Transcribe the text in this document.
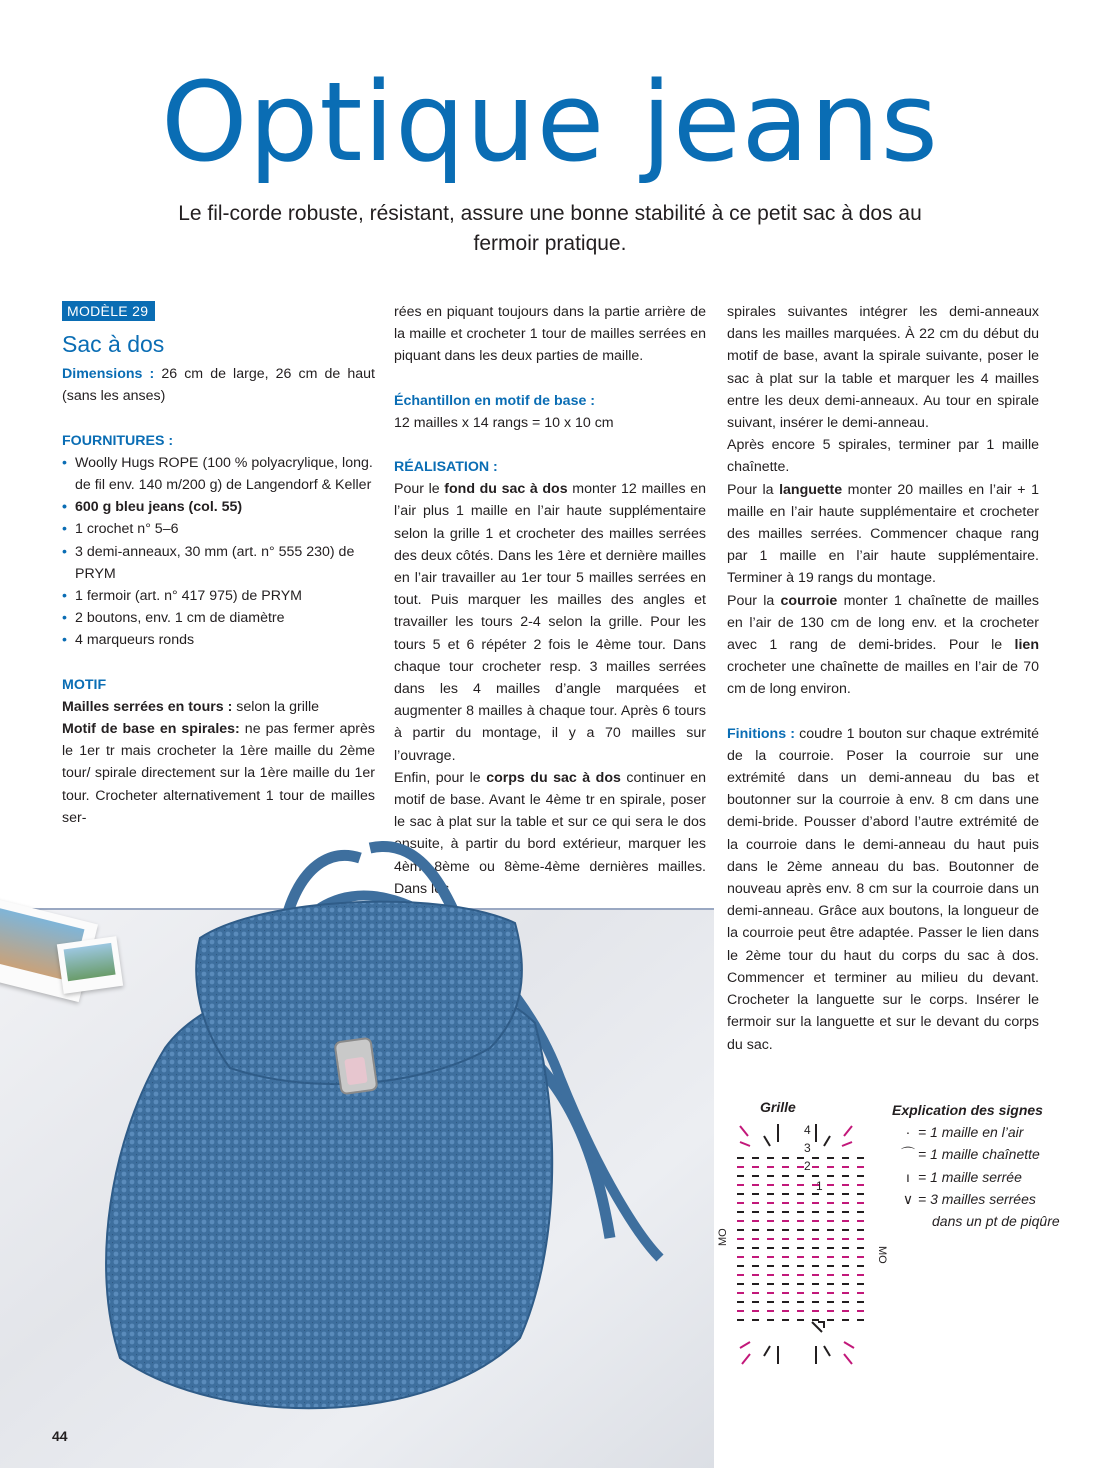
Optique jeans
Le fil-corde robuste, résistant, assure une bonne stabilité à ce petit sac à dos au fermoir pratique.
MODÈLE 29
Sac à dos

Dimensions : 26 cm de large, 26 cm de haut (sans les anses)

FOURNITURES :
• Woolly Hugs ROPE (100 % polyacrylique, long. de fil env. 140 m/200 g) de Langendorf & Keller
• 600 g bleu jeans (col. 55)
• 1 crochet n° 5–6
• 3 demi-anneaux, 30 mm (art. n° 555 230) de PRYM
• 1 fermoir (art. n° 417 975) de PRYM
• 2 boutons, env. 1 cm de diamètre
• 4 marqueurs ronds
MOTIF

Mailles serrées en tours : selon la grille

Motif de base en spirales: ne pas fermer après le 1er tr mais crocheter la 1ère maille du 2ème tour/ spirale directement sur la 1ère maille du 1er tour. Crocheter alternativement 1 tour de mailles ser-

rées en piquant toujours dans la partie arrière de la maille et crocheter 1 tour de mailles serrées en piquant dans les deux parties de maille.

Échantillon en motif de base :

12 mailles x 14 rangs = 10 x 10 cm

RÉALISATION :

Pour le fond du sac à dos monter 12 mailles en l’air plus 1 maille en l’air haute supplémentaire selon la grille 1 et crocheter des mailles serrées des deux côtés. Dans les 1ère et dernière mailles en l’air travailler au 1er tour 5 mailles serrées en tout. Puis marquer les mailles des angles et travailler les tours 2-4 selon la grille. Pour les tours 5 et 6 répéter 2 fois le 4ème tour. Dans chaque tour crocheter resp. 3 mailles serrées dans les 4 mailles d’angle marquées et augmenter 8 mailles à chaque tour. Après 6 tours à partir du montage, il y a 70 mailles sur l’ouvrage.

Enfin, pour le corps du sac à dos continuer en motif de base. Avant le 4ème tr en spirale, poser le sac à plat sur la table et sur ce qui sera le dos ensuite, à partir du bord extérieur, marquer les 4ème-8ème ou 8ème-4ème dernières mailles. Dans les

spirales suivantes intégrer les demi-anneaux dans les mailles marquées. À 22 cm du début du motif de base, avant la spirale suivante, poser le sac à plat sur la table et marquer les 4 mailles entre les deux demi-anneaux. Au tour en spirale suivant, insérer le demi-anneau.

Après encore 5 spirales, terminer par 1 maille chaînette.

Pour la languette monter 20 mailles en l’air + 1 maille en l’air haute supplémentaire et crocheter des mailles serrées. Commencer chaque rang par 1 maille en l’air haute supplémentaire. Terminer à 19 rangs du montage.

Pour la courroie monter 1 chaînette de mailles en l’air de 130 cm de long env. et la crocheter avec 1 rang de demi-brides. Pour le lien crocheter une chaînette de mailles en l’air de 70 cm de long environ.

Finitions : coudre 1 bouton sur chaque extrémité de la courroie. Poser la courroie sur une extrémité dans un demi-anneau du bas et boutonner sur la courroie à env. 8 cm dans une demi-bride. Pousser d’abord l’autre extrémité de la courroie dans le demi-anneau du haut puis dans le 2ème anneau du bas. Boutonner de nouveau après env. 8 cm sur la courroie dans un demi-anneau. Grâce aux boutons, la longueur de la courroie peut être adaptée. Passer le lien dans le 2ème tour du haut du corps du sac à dos. Commencer et terminer au milieu du devant. Crocheter la languette sur le corps. Insérer le fermoir sur la languette et sur le devant du corps du sac.

Grille
4
3
2
1
MO
MO
Explication des signes
· = 1 maille en l’air
⌒ = 1 maille chaînette
ı = 1 maille serrée
∨ = 3 mailles serrées
dans un pt de piqûre
44
